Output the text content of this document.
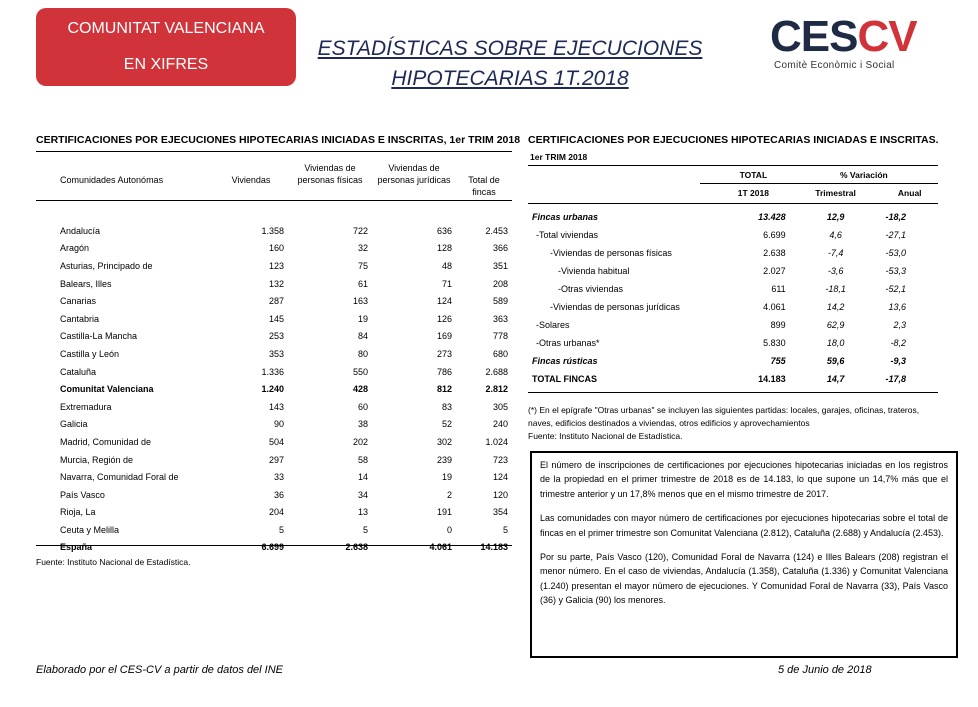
COMUNITAT VALENCIANA
EN XIFRES
ESTADÍSTICAS SOBRE EJECUCIONES
HIPOTECARIAS 1T.2018
CESCV
Comitè Econòmic i Social
CERTIFICACIONES POR EJECUCIONES HIPOTECARIAS INICIADAS E INSCRITAS, 1er TRIM 2018
Comunidades Autonómas	Viviendas	Viviendas de personas físicas	Viviendas de personas jurídicas	Total de fincas

Andalucía	1.358	722	636	2.453
Aragón	160	32	128	366
Asturias, Principado de	123	75	48	351
Balears, Illes	132	61	71	208
Canarias	287	163	124	589
Cantabria	145	19	126	363
Castilla-La Mancha	253	84	169	778
Castilla y León	353	80	273	680
Cataluña	1.336	550	786	2.688
Comunitat Valenciana	1.240	428	812	2.812
Extremadura	143	60	83	305
Galicia	90	38	52	240
Madrid, Comunidad de	504	202	302	1.024
Murcia, Región de	297	58	239	723
Navarra, Comunidad Foral de	33	14	19	124
País Vasco	36	34	2	120
Rioja, La	204	13	191	354
Ceuta y Melilla	5	5	0	5
España	6.699	2.638	4.061	14.183
Fuente: Instituto Nacional de Estadística.
CERTIFICACIONES POR EJECUCIONES HIPOTECARIAS INICIADAS E INSCRITAS.
1er TRIM 2018
	TOTAL	% Variación	
	1T 2018	Trimestral	Anual

Fincas urbanas	13.428	12,9	-18,2
-Total viviendas	6.699	4,6	-27,1
-Viviendas de personas físicas	2.638	-7,4	-53,0
-Vivienda habitual	2.027	-3,6	-53,3
-Otras viviendas	611	-18,1	-52,1
-Viviendas de personas jurídicas	4.061	14,2	13,6
-Solares	899	62,9	2,3
-Otras urbanas*	5.830	18,0	-8,2
Fincas rústicas	755	59,6	-9,3
TOTAL FINCAS	14.183	14,7	-17,8
(*) En el epígrafe "Otras urbanas" se incluyen las siguientes partidas: locales, garajes, oficinas, trateros, naves, edificios destinados a viviendas, otros edificios y aprovechamientos
Fuente: Instituto Nacional de Estadística.

El número de inscripciones de certificaciones por ejecuciones hipotecarias iniciadas en los registros de la propiedad en el primer trimestre de 2018 es de 14.183, lo que supone un 14,7% más que el trimestre anterior y un 17,8% menos que en el mismo trimestre de 2017.

Las comunidades con mayor número de certificaciones por ejecuciones hipotecarias sobre el total de fincas en el primer trimestre son Comunitat Valenciana (2.812), Cataluña (2.688) y Andalucía (2.453).

Por su parte, País Vasco (120), Comunidad Foral de Navarra (124) e Illes Balears (208) registran el menor número. En el caso de viviendas, Andalucía (1.358), Cataluña (1.336) y Comunitat Valenciana (1.240) presentan el mayor número de ejecuciones. Y Comunidad Foral de Navarra (33), País Vasco (36) y Galicia (90) los menores.

Elaborado por el CES-CV a partir de datos del INE	5 de Junio de 2018
